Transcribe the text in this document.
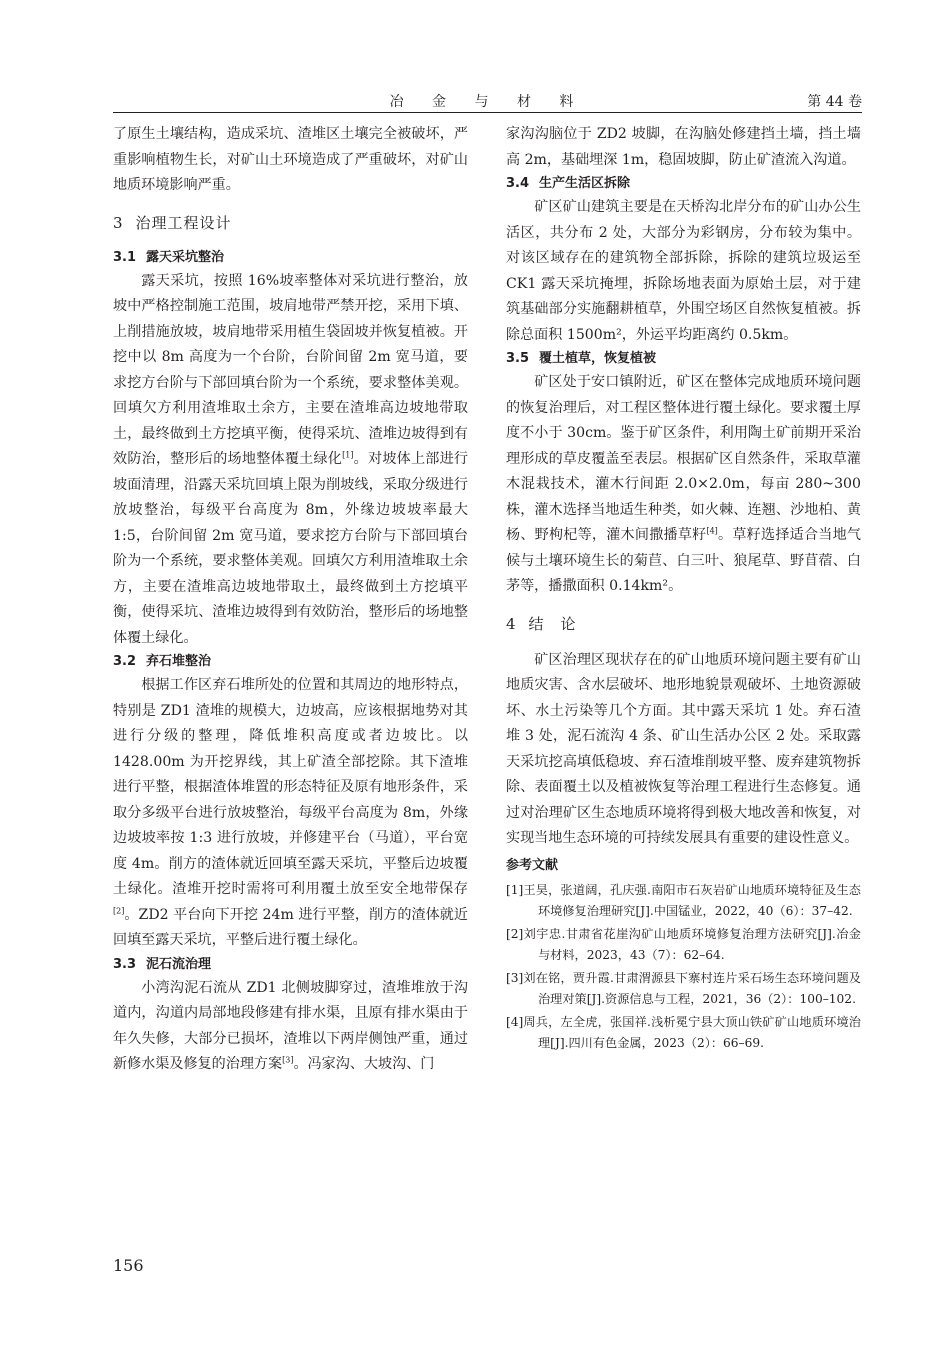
冶 金 与 材 料	第 44 卷

了原生土壤结构，造成采坑、渣堆区土壤完全被破坏，严重影响植物生长，对矿山土环境造成了严重破坏，对矿山地质环境影响严重。

3 治理工程设计
3.1 露天采坑整治

露天采坑，按照 16%坡率整体对采坑进行整治，放坡中严格控制施工范围，坡肩地带严禁开挖，采用下填、上削措施放坡，坡肩地带采用植生袋固坡并恢复植被。开挖中以 8m 高度为一个台阶，台阶间留 2m 宽马道，要求挖方台阶与下部回填台阶为一个系统，要求整体美观。回填欠方利用渣堆取土余方，主要在渣堆高边坡地带取土，最终做到土方挖填平衡，使得采坑、渣堆边坡得到有效防治，整形后的场地整体覆土绿化[1]。对坡体上部进行坡面清理，沿露天采坑回填上限为削坡线，采取分级进行放坡整治，每级平台高度为 8m，外缘边坡坡率最大 1:5，台阶间留 2m 宽马道，要求挖方台阶与下部回填台阶为一个系统，要求整体美观。回填欠方利用渣堆取土余方，主要在渣堆高边坡地带取土，最终做到土方挖填平衡，使得采坑、渣堆边坡得到有效防治，整形后的场地整体覆土绿化。

3.2 弃石堆整治

根据工作区弃石堆所处的位置和其周边的地形特点，特别是 ZD1 渣堆的规模大，边坡高，应该根据地势对其进行分级的整理，降低堆积高度或者边坡比。以 1428.00m 为开挖界线，其上矿渣全部挖除。其下渣堆进行平整，根据渣体堆置的形态特征及原有地形条件，采取分多级平台进行放坡整治，每级平台高度为 8m，外缘边坡坡率按 1:3 进行放坡，并修建平台（马道），平台宽度 4m。削方的渣体就近回填至露天采坑，平整后边坡覆土绿化。渣堆开挖时需将可利用覆土放至安全地带保存[2]。ZD2 平台向下开挖 24m 进行平整，削方的渣体就近回填至露天采坑，平整后进行覆土绿化。

3.3 泥石流治理

小湾沟泥石流从 ZD1 北侧坡脚穿过，渣堆堆放于沟道内，沟道内局部地段修建有排水渠，且原有排水渠由于年久失修，大部分已损坏，渣堆以下两岸侧蚀严重，通过新修水渠及修复的治理方案[3]。冯家沟、大坡沟、门

家沟沟脑位于 ZD2 坡脚，在沟脑处修建挡土墙，挡土墙高 2m，基础埋深 1m，稳固坡脚，防止矿渣流入沟道。

3.4 生产生活区拆除

矿区矿山建筑主要是在天桥沟北岸分布的矿山办公生活区，共分布 2 处，大部分为彩钢房，分布较为集中。对该区域存在的建筑物全部拆除，拆除的建筑垃圾运至 CK1 露天采坑掩埋，拆除场地表面为原始土层，对于建筑基础部分实施翻耕植草，外围空场区自然恢复植被。拆除总面积 1500m²，外运平均距离约 0.5km。

3.5 覆土植草，恢复植被

矿区处于安口镇附近，矿区在整体完成地质环境问题的恢复治理后，对工程区整体进行覆土绿化。要求覆土厚度不小于 30cm。鉴于矿区条件，利用陶土矿前期开采治理形成的草皮覆盖至表层。根据矿区自然条件，采取草灌木混栽技术，灌木行间距 2.0×2.0m，每亩 280~300 株，灌木选择当地适生种类，如火棘、连翘、沙地柏、黄杨、野枸杞等，灌木间撒播草籽[4]。草籽选择适合当地气候与土壤环境生长的菊苣、白三叶、狼尾草、野苜蓿、白茅等，播撒面积 0.14km²。

4 结　论

矿区治理区现状存在的矿山地质环境问题主要有矿山地质灾害、含水层破坏、地形地貌景观破坏、土地资源破坏、水土污染等几个方面。其中露天采坑 1 处。弃石渣堆 3 处，泥石流沟 4 条、矿山生活办公区 2 处。采取露天采坑挖高填低稳坡、弃石渣堆削坡平整、废弃建筑物拆除、表面覆土以及植被恢复等治理工程进行生态修复。通过对治理矿区生态地质环境将得到极大地改善和恢复，对实现当地生态环境的可持续发展具有重要的建设性意义。

参考文献

[1]王昊，张道阔，孔庆强.南阳市石灰岩矿山地质环境特征及生态环境修复治理研究[J].中国锰业，2022，40（6）：37–42.

[2]刘宇忠.甘肃省花崖沟矿山地质环境修复治理方法研究[J].冶金与材料，2023，43（7）：62–64.

[3]刘在铭，贾升霞.甘肃渭源县下寨村连片采石场生态环境问题及治理对策[J].资源信息与工程，2021，36（2）：100–102.

[4]周兵，左全虎，张国祥.浅析冕宁县大顶山铁矿矿山地质环境治理[J].四川有色金属，2023（2）：66–69.

156
